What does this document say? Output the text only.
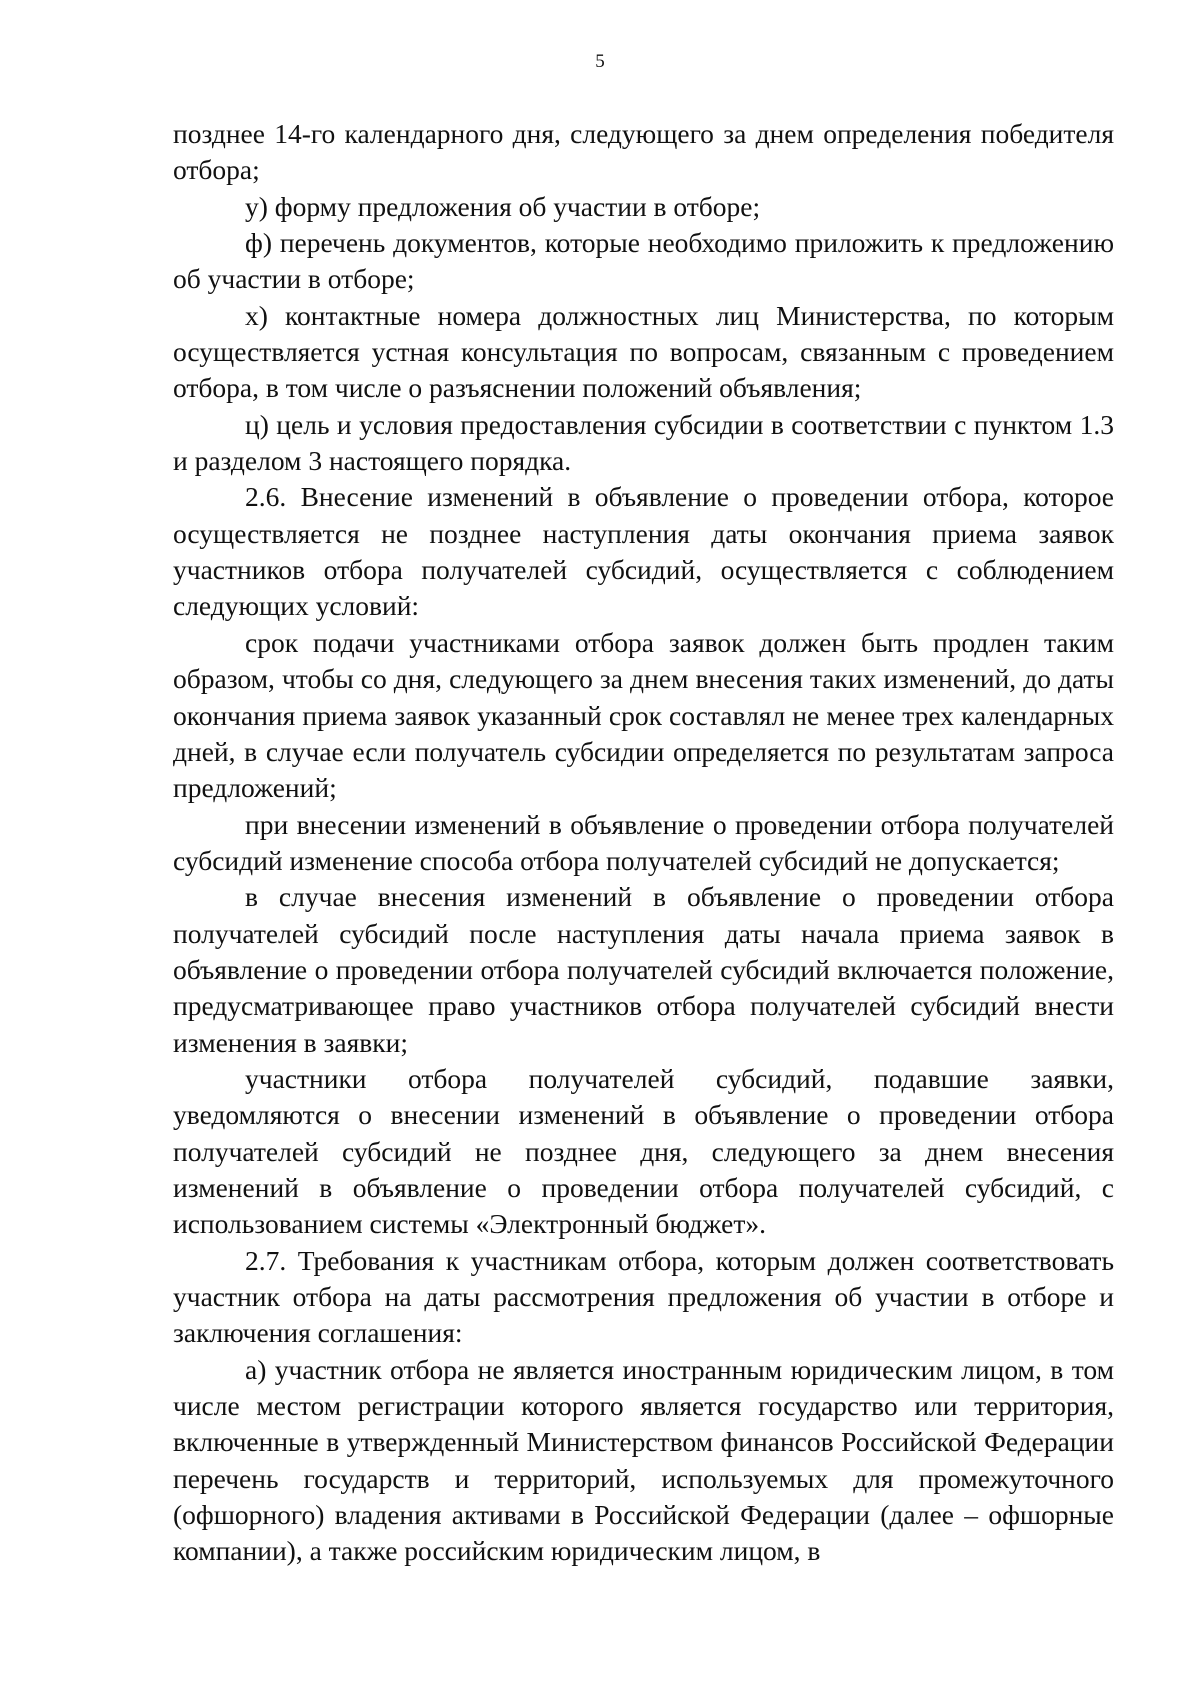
5

позднее 14-го календарного дня, следующего за днем определения победителя отбора;

у) форму предложения об участии в отборе;

ф) перечень документов, которые необходимо приложить к предложению об участии в отборе;

х) контактные номера должностных лиц Министерства, по которым осуществляется устная консультация по вопросам, связанным с проведением отбора, в том числе о разъяснении положений объявления;

ц) цель и условия предоставления субсидии в соответствии с пунктом 1.3 и разделом 3 настоящего порядка.

2.6. Внесение изменений в объявление о проведении отбора, которое осуществляется не позднее наступления даты окончания приема заявок участников отбора получателей субсидий, осуществляется с соблюдением следующих условий:

срок подачи участниками отбора заявок должен быть продлен таким образом, чтобы со дня, следующего за днем внесения таких изменений, до даты окончания приема заявок указанный срок составлял не менее трех календарных дней, в случае если получатель субсидии определяется по результатам запроса предложений;

при внесении изменений в объявление о проведении отбора получателей субсидий изменение способа отбора получателей субсидий не допускается;

в случае внесения изменений в объявление о проведении отбора получателей субсидий после наступления даты начала приема заявок в объявление о проведении отбора получателей субсидий включается положение, предусматривающее право участников отбора получателей субсидий внести изменения в заявки;

участники отбора получателей субсидий, подавшие заявки, уведомляются о внесении изменений в объявление о проведении отбора получателей субсидий не позднее дня, следующего за днем внесения изменений в объявление о проведении отбора получателей субсидий, с использованием системы «Электронный бюджет».

2.7. Требования к участникам отбора, которым должен соответствовать участник отбора на даты рассмотрения предложения об участии в отборе и заключения соглашения:

а) участник отбора не является иностранным юридическим лицом, в том числе местом регистрации которого является государство или территория, включенные в утвержденный Министерством финансов Российской Федерации перечень государств и территорий, используемых для промежуточного (офшорного) владения активами в Российской Федерации (далее – офшорные компании), а также российским юридическим лицом, в
